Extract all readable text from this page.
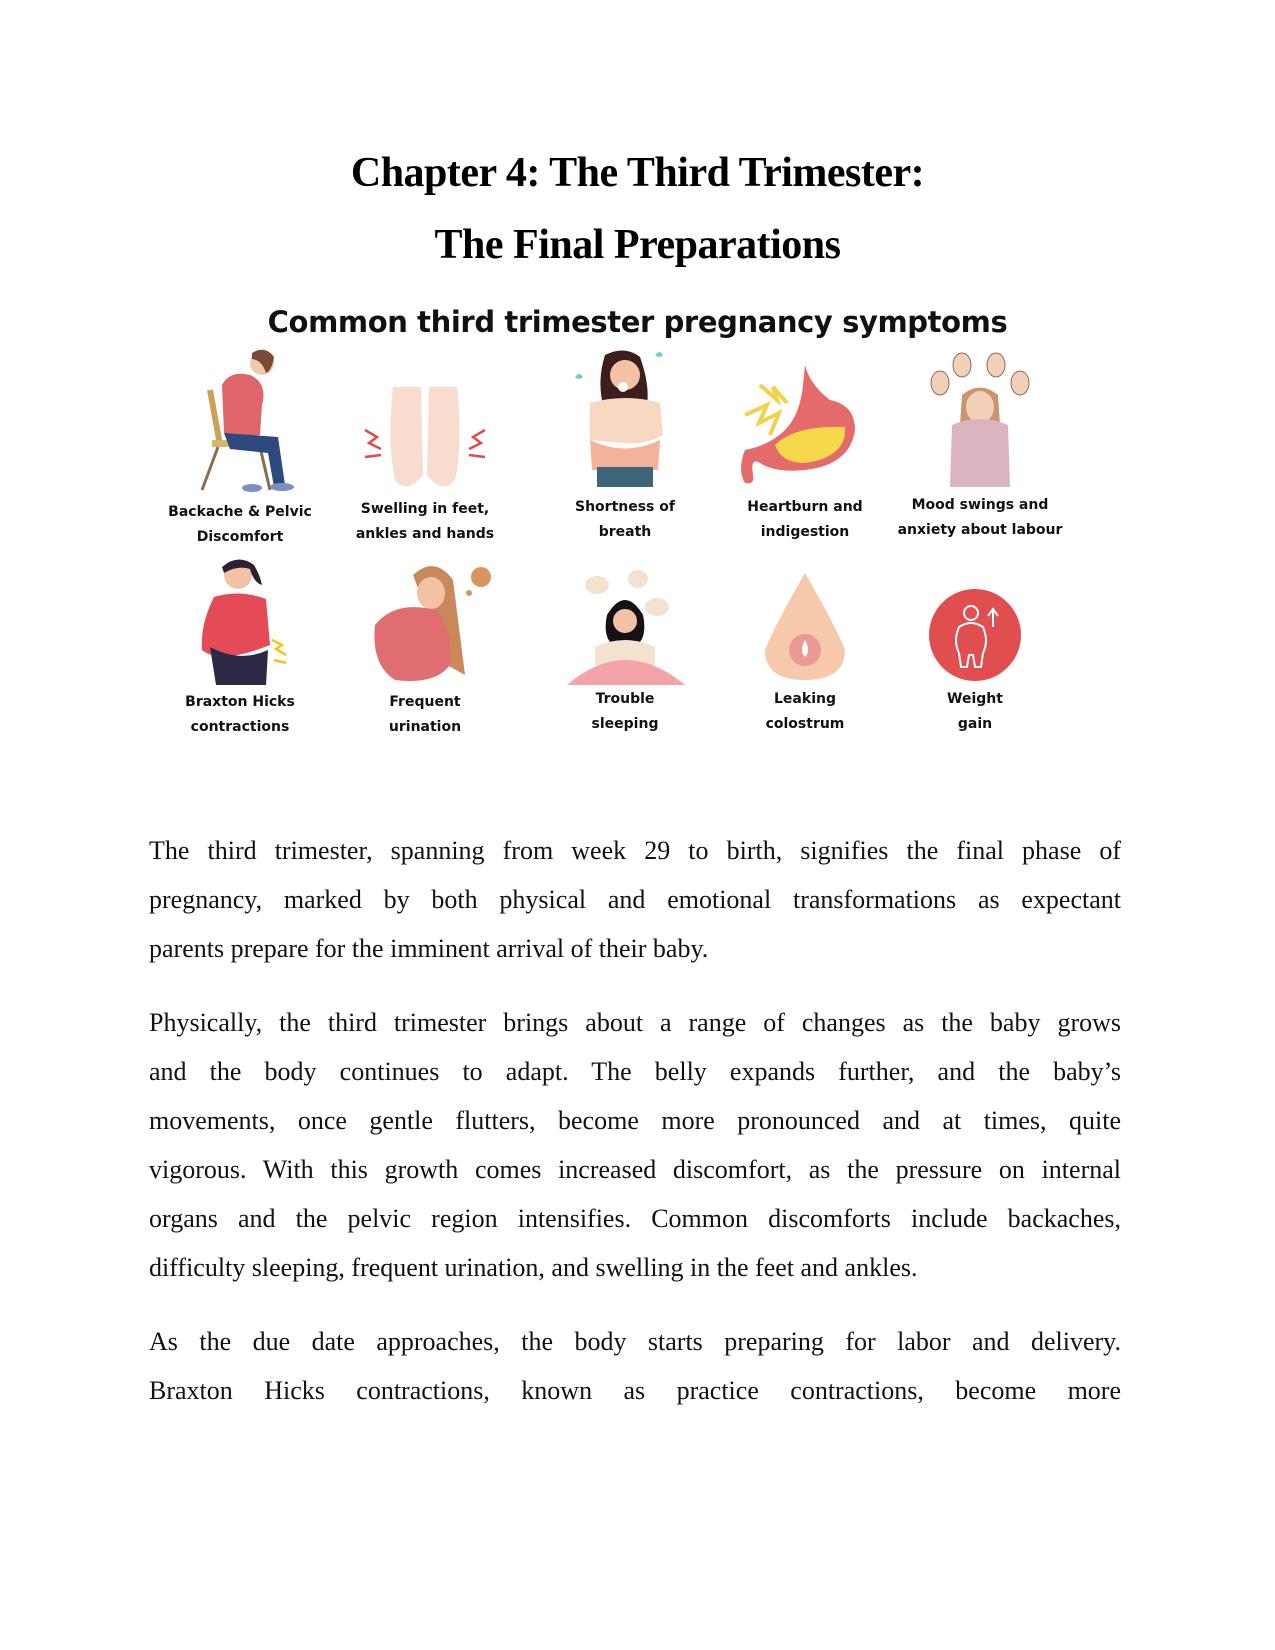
Chapter 4: The Third Trimester:
The Final Preparations
Common third trimester pregnancy symptoms
Backache & Pelvic
Discomfort
Swelling in feet,
ankles and hands
Shortness of
breath
Heartburn and
indigestion
Mood swings and
anxiety about labour
Braxton Hicks
contractions
Frequent
urination
Trouble
sleeping
Leaking
colostrum
Weight
gain
The third trimester, spanning from week 29 to birth, signifies the final phase of
pregnancy, marked by both physical and emotional transformations as expectant
parents prepare for the imminent arrival of their baby.
Physically, the third trimester brings about a range of changes as the baby grows
and the body continues to adapt. The belly expands further, and the baby’s
movements, once gentle flutters, become more pronounced and at times, quite
vigorous. With this growth comes increased discomfort, as the pressure on internal
organs and the pelvic region intensifies. Common discomforts include backaches,
difficulty sleeping, frequent urination, and swelling in the feet and ankles.
As the due date approaches, the body starts preparing for labor and delivery.
Braxton Hicks contractions, known as practice contractions, become more
